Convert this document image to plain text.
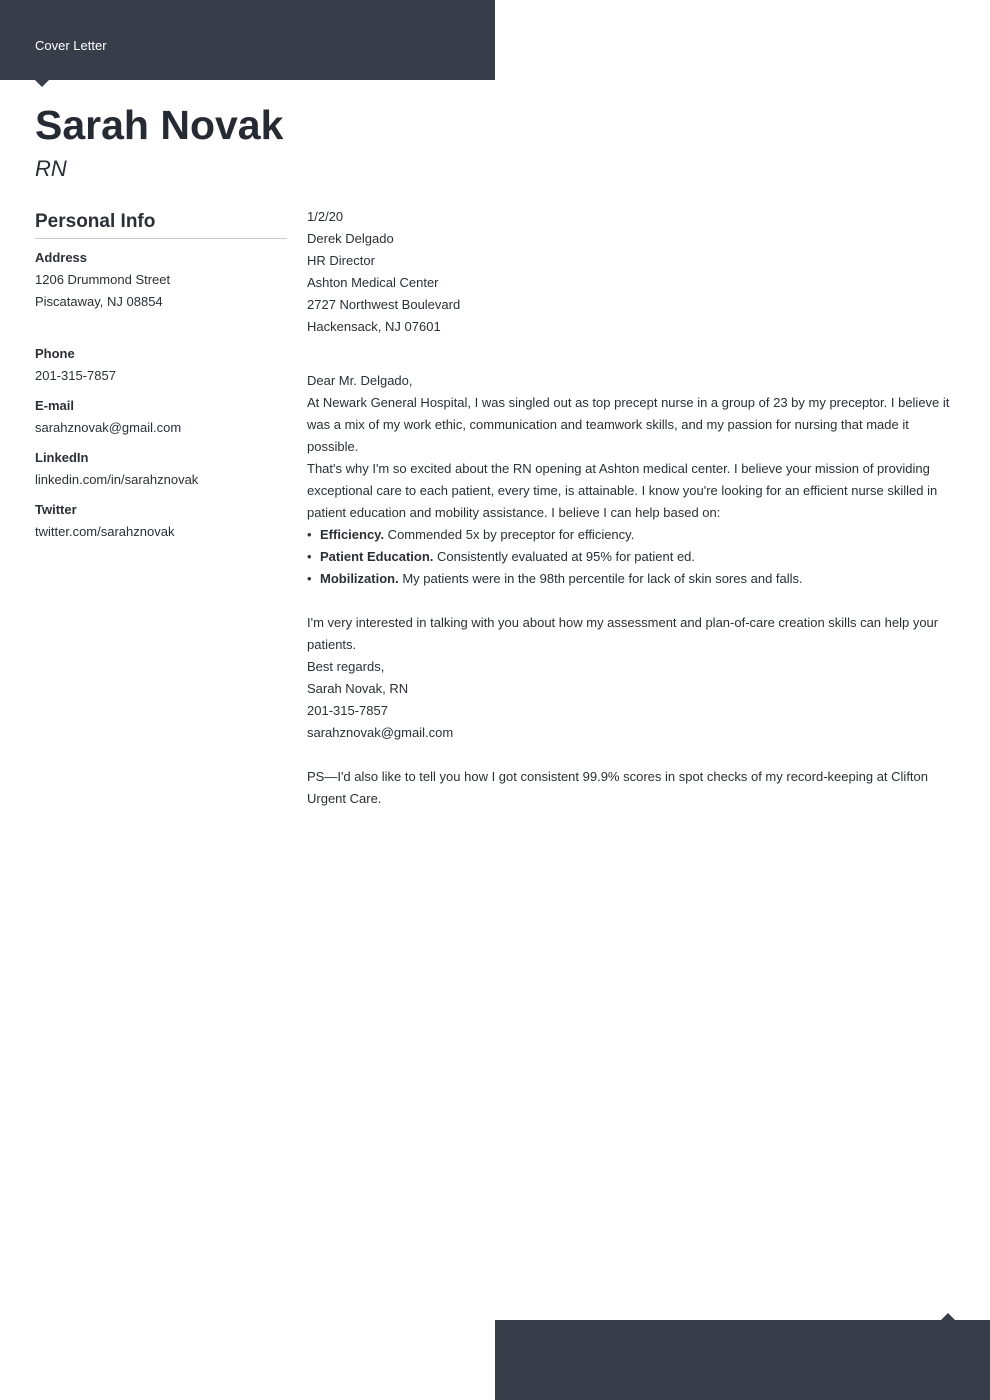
Cover Letter
Sarah Novak
RN
Personal Info
Address
1206 Drummond Street
Piscataway, NJ 08854
Phone
201-315-7857
E-mail
sarahznovak@gmail.com
LinkedIn
linkedin.com/in/sarahznovak
Twitter
twitter.com/sarahznovak

1/2/20

Derek Delgado

HR Director

Ashton Medical Center

2727 Northwest Boulevard

Hackensack, NJ 07601

Dear Mr. Delgado,

At Newark General Hospital, I was singled out as top precept nurse in a group of 23 by my preceptor. I believe it was a mix of my work ethic, communication and teamwork skills, and my passion for nursing that made it possible.

That's why I'm so excited about the RN opening at Ashton medical center. I believe your mission of providing exceptional care to each patient, every time, is attainable. I know you're looking for an efficient nurse skilled in patient education and mobility assistance. I believe I can help based on:

• Efficiency. Commended 5x by preceptor for efficiency.
• Patient Education. Consistently evaluated at 95% for patient ed.
• Mobilization. My patients were in the 98th percentile for lack of skin sores and falls.

I'm very interested in talking with you about how my assessment and plan-of-care creation skills can help your patients.

Best regards,

Sarah Novak, RN

201-315-7857

sarahznovak@gmail.com

PS—I'd also like to tell you how I got consistent 99.9% scores in spot checks of my record-keeping at Clifton Urgent Care.
